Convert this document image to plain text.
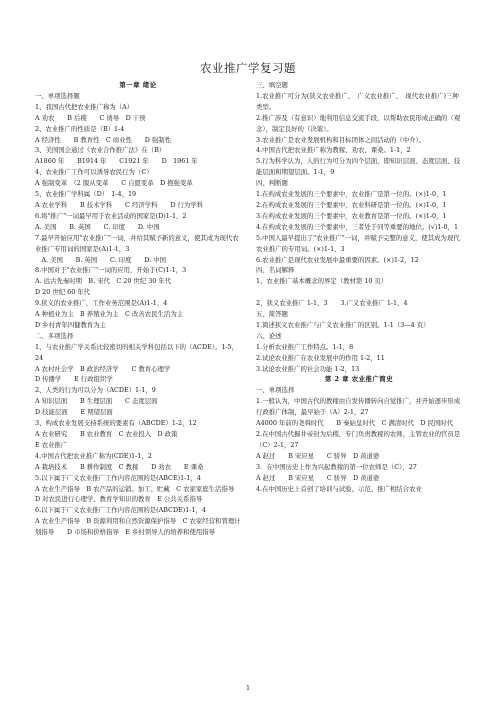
农业推广学复习题

第一章 绪论

一、单项选择题

1、我国古代把农业推广称为（A）

A 劝农　　B 后稷　　C 诱导　D 干预

2、农业推广的性质是（B）1-4

A 经济性　　B 教育性　C 商业性　　D 强制性

3、美国国会通过《农业合作推广法》在（B）

A1860 年　　B1914 年　　C1921 年　　D　1961 年

4、农业推广工作可以诱导农民行为（C）

A 强制变革　（2 服从变革　　C 自愿变革　D 抱强变革

5、农业推广学科属（D）　1-4、19

A 农业学科　　B 技术学科　　C 经济学科　　D 行为学科

6.将"推广"一词最早用于农业活动的国家是(D)1-1，2

A. 美国　　B. 英国　　C. 印度　　D. 中国

7.最早开始应用"农业推广"一词，并给其赋予新的意义，使其成为现代农业推广专用词的国家是(A)1-1，3

　A. 美国　　B. 英国　　C. 印度　　D. 中国

8.中国对于"农业推广"一词的应用，开始于(C)1-1，3

A. 远古先秦时期　B. 宋代　C 20 世纪 30 年代

D 20 世纪 60 年代

9.狭义的农业推广，工作业务范围是(A)1-1，4

A 种植业为主　B 养殖业为主　C 改善农民生活为主

D 乡村青年四健教育为主

二、多项选择

1、与农业推广学关系比较密切的相关学科包括以下的（ACDE）。1-5，24

A 农村社会学　B 政治经济学　　C 教育心理学

D 传播学　　E 行政组织学

2、人类的行为可以分为（ACDE）1-1，9

A 知识层面　　B 生理层面　　C 态度层面

D 技能层面　　E 期望层面

3、构成农业发展支持系统的要素有（ABCDE）1-2，12

A 农业研究　　B 农业教育　C 农业投入　D 政策

E 农业推广

4.中国古代把农业推广称为(CDE)1-1，2

A 栽培技术　　B 耕作制度　C 教稼　　D 劝农　　E 课桑

5.以下属于广义农业推广工作内容范围的是(ABCE)1-1，4

A 农业生产指导　B 农产品的运销、加工、贮藏　C 农家家庭生活指导　　D 对农民进行心理学、教育学知识的教育　E 公共关系指导

6.以下属于广义农业推广工作内容范围的是(ABCDE)1-1，4

A 农业生产指导　B 资源利用和自然资源保护指导　C 农家经营和管理计划指导　　D 市场和价格指导　E 乡村领导人的培养和使用指导

三、填空题

1.农业推广可分为(狭义农业推广、　广义农业推广、　现代农业推广)三种类型。

2.推广涉及（有意识）地利用信息交流手段，以帮助农民形成正确的（观念），制定良好的（决策）。

3.农业推广是农业发展机构和目标团体之间活动的（中介）。

4.中国古代把农业推广称为教稼、劝农、课桑。1-1，2

5.行为科学认为，人的行为可分为四个层面，即知识层面、态度层面、技能层面和期望层面。1-1，9

四、判断题

1.在构成农业发展的三个要素中，农业推广是第一位的。(×)1-0，1

2.在构成农业发展的三个要素中，农业科研是第一位的。(×)1-0，1

3.在构成农业发展的三个要素中，农业教育是第一位的。(×)1-0，1

4.在构成农业发展的三个要素中，三者处于同等重要的地位。(√)1-0，1

5.中国人最早提出了"农业推广"一词，并赋予完整的意义，使其成为现代农业推广的专用词。(×)1-1，3

6.农业推广是现代农业发展中最重要的因素。(×)1-2，12

四、名词解释

1、农业推广基本概念的界定（教材第 10 页）

2、狭义农业推广 1-1，3　　3.广义农业推广 1-1，4

五、简答题

1.简述狭义农业推广与广义农业推广的区别。1-1（3—4 页）

六、论述

1.分析农业推广工作特点。1-1，8

2.试论农业推广在农业发展中的作用 1-2，11

3.试论农业推广的社会功能 1-2，13

第 2 章 农业推广简史

一、单项选择

1.一般认为，中国古代的教稼由自发传播转向自觉推广，并开始逐步形成行政推广体制，最早始于（A）2-1，27

A4000 年前的尧舜时代　　B 秦始皇时代　C 满清时代　D 民国时代

2.在中国古代掘井帝封为后稷，专门负责教稼的农师，主管农业的官员是（C）2-1，27

A 赵过　　B 宋应星　　C 骄异　D 黄道婆

3．在中国历史上作为兴起教稼的第一位农师是（C），27

A 赵过　　B 宋应星　　C 骄异　D 黄道婆

4.在中国历史上首创了培训与试验、示范、推广相结合农业

1
